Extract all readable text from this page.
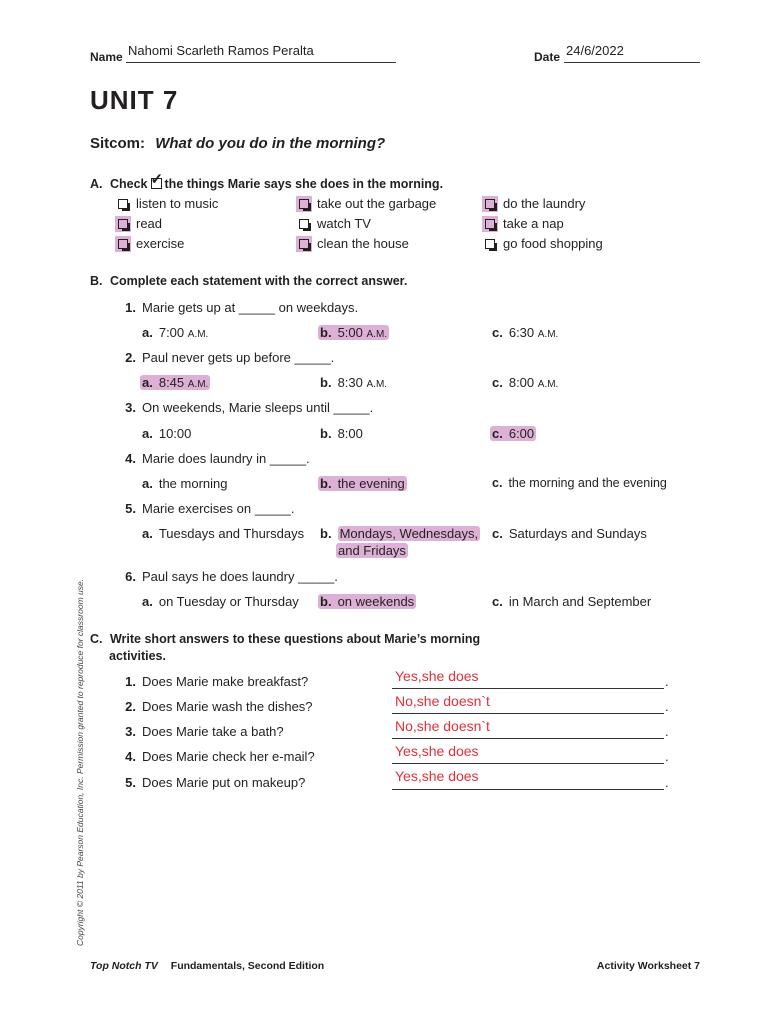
Name Nahomi Scarleth Ramos Peralta	Date 24/6/2022
UNIT 7
Sitcom: What do you do in the morning?
A. Check✓ the things Marie says she does in the morning.
listen to music	take out the garbage	do the laundry
read	watch TV	take a nap
exercise	clean the house	go food shopping
B. Complete each statement with the correct answer.
1. Marie gets up at _____ on weekdays.
a. 7:00 A.M.	b. 5:00 A.M.	c. 6:30 A.M.
2. Paul never gets up before _____.
a. 8:45 A.M.	b. 8:30 A.M.	c. 8:00 A.M.
3. On weekends, Marie sleeps until _____.
a. 10:00	b. 8:00	c. 6:00
4. Marie does laundry in _____.
a. the morning	b. the evening	c. the morning and the evening
5. Marie exercises on _____.
a. Tuesdays and Thursdays b. Mondays, Wednesdays,
and Fridays
c. Saturdays and Sundays
6. Paul says he does laundry _____.
a. on Tuesday or Thursday b. on weekends	c. in March and September
C. Write short answers to these questions about Marie’s morning
activities.
1. Does Marie make breakfast?	Yes,she does	.
2. Does Marie wash the dishes?	No,she doesn`t	.
3. Does Marie take a bath?	No,she doesn`t	.
4. Does Marie check her e-mail?	Yes,she does	.
5. Does Marie put on makeup?	Yes,she does	.
Copyright © 2011 by Pearson Education, Inc. Permission granted to reproduce for classroom use.
Top Notch TV Fundamentals, Second Edition	Activity Worksheet 7
